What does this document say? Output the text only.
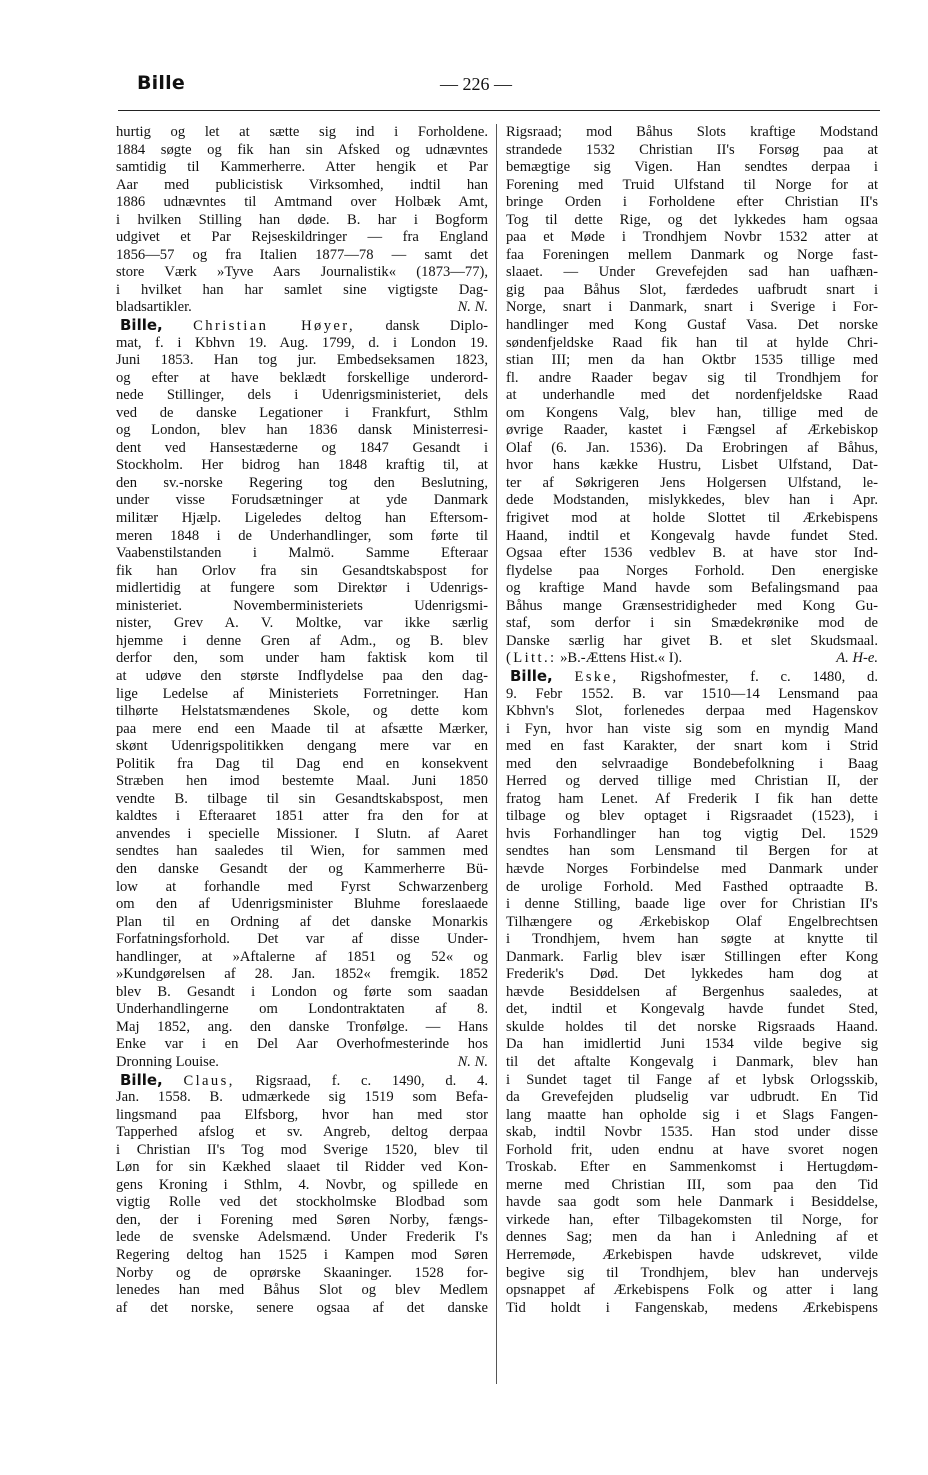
Bille	— 226 —
hurtig og let at sætte sig ind i Forholdene.
1884 søgte og fik han sin Afsked og udnævntes
samtidig til Kammerherre. Atter hengik et Par
Aar med publicistisk Virksomhed, indtil han
1886 udnævntes til Amtmand over Holbæk Amt,
i hvilken Stilling han døde. B. har i Bogform
udgivet et Par Rejseskildringer — fra England
1856—57 og fra Italien 1877—78 — samt det
store Værk »Tyve Aars Journalistik« (1873—77),
i hvilket han har samlet sine vigtigste Dag-
bladsartikler.	N. N.
Bille, Christian Høyer, dansk Diplo-
mat, f. i Kbhvn 19. Aug. 1799, d. i London 19.
Juni 1853. Han tog jur. Embedseksamen 1823,
og efter at have beklædt forskellige underord-
nede Stillinger, dels i Udenrigsministeriet, dels
ved de danske Legationer i Frankfurt, Sthlm
og London, blev han 1836 dansk Ministerresi-
dent ved Hansestæderne og 1847 Gesandt i
Stockholm. Her bidrog han 1848 kraftig til, at
den sv.-norske Regering tog den Beslutning,
under visse Forudsætninger at yde Danmark
militær Hjælp. Ligeledes deltog han Eftersom-
meren 1848 i de Underhandlinger, som førte til
Vaabenstilstanden i Malmö. Samme Efteraar
fik han Orlov fra sin Gesandtskabspost for
midlertidig at fungere som Direktør i Udenrigs-
ministeriet. Novemberministeriets Udenrigsmi-
nister, Grev A. V. Moltke, var ikke særlig
hjemme i denne Gren af Adm., og B. blev
derfor den, som under ham faktisk kom til
at udøve den største Indflydelse paa den dag-
lige Ledelse af Ministeriets Forretninger. Han
tilhørte Helstatsmændenes Skole, og dette kom
paa mere end een Maade til at afsætte Mærker,
skønt Udenrigspolitikken dengang mere var en
Politik fra Dag til Dag end en konsekvent
Stræben hen imod bestemte Maal. Juni 1850
vendte B. tilbage til sin Gesandtskabspost, men
kaldtes i Efteraaret 1851 atter fra den for at
anvendes i specielle Missioner. I Slutn. af Aaret
sendtes han saaledes til Wien, for sammen med
den danske Gesandt der og Kammerherre Bü-
low at forhandle med Fyrst Schwarzenberg
om den af Udenrigsminister Bluhme foreslaaede
Plan til en Ordning af det danske Monarkis
Forfatningsforhold. Det var af disse Under-
handlinger, at »Aftalerne af 1851 og 52« og
»Kundgørelsen af 28. Jan. 1852« fremgik. 1852
blev B. Gesandt i London og førte som saadan
Underhandlingerne om Londontraktaten af 8.
Maj 1852, ang. den danske Tronfølge. — Hans
Enke var i en Del Aar Overhofmesterinde hos
Dronning Louise.	N. N.
Bille, Claus, Rigsraad, f. c. 1490, d. 4.
Jan. 1558. B. udmærkede sig 1519 som Befa-
lingsmand paa Elfsborg, hvor han med stor
Tapperhed afslog et sv. Angreb, deltog derpaa
i Christian II's Tog mod Sverige 1520, blev til
Løn for sin Kækhed slaaet til Ridder ved Kon-
gens Kroning i Sthlm, 4. Novbr, og spillede en
vigtig Rolle ved det stockholmske Blodbad som
den, der i Forening med Søren Norby, fængs-
lede de svenske Adelsmænd. Under Frederik I's
Regering deltog han 1525 i Kampen mod Søren
Norby og de oprørske Skaaninger. 1528 for-
lenedes han med Båhus Slot og blev Medlem
af det norske, senere ogsaa af det danske
Rigsraad; mod Båhus Slots kraftige Modstand
strandede 1532 Christian II's Forsøg paa at
bemægtige sig Vigen. Han sendtes derpaa i
Forening med Truid Ulfstand til Norge for at
bringe Orden i Forholdene efter Christian II's
Tog til dette Rige, og det lykkedes ham ogsaa
paa et Møde i Trondhjem Novbr 1532 atter at
faa Foreningen mellem Danmark og Norge fast-
slaaet. — Under Grevefejden sad han uafhæn-
gig paa Båhus Slot, færdedes uafbrudt snart i
Norge, snart i Danmark, snart i Sverige i For-
handlinger med Kong Gustaf Vasa. Det norske
søndenfjeldske Raad fik han til at hylde Chri-
stian III; men da han Oktbr 1535 tillige med
fl. andre Raader begav sig til Trondhjem for
at underhandle med det nordenfjeldske Raad
om Kongens Valg, blev han, tillige med de
øvrige Raader, kastet i Fængsel af Ærkebiskop
Olaf (6. Jan. 1536). Da Erobringen af Båhus,
hvor hans kække Hustru, Lisbet Ulfstand, Dat-
ter af Søkrigeren Jens Holgersen Ulfstand, le-
dede Modstanden, mislykkedes, blev han i Apr.
frigivet mod at holde Slottet til Ærkebispens
Haand, indtil et Kongevalg havde fundet Sted.
Ogsaa efter 1536 vedblev B. at have stor Ind-
flydelse paa Norges Forhold. Den energiske
og kraftige Mand havde som Befalingsmand paa
Båhus mange Grænsestridigheder med Kong Gu-
staf, som derfor i sin Smædekrønike mod de
Danske særlig har givet B. et slet Skudsmaal.
(Litt.: »B.-Ættens Hist.« I).	A. H-e.
Bille, Eske, Rigshofmester, f. c. 1480, d.
9. Febr 1552. B. var 1510—14 Lensmand paa
Kbhvn's Slot, forlenedes derpaa med Hagenskov
i Fyn, hvor han viste sig som en myndig Mand
med en fast Karakter, der snart kom i Strid
med den selvraadige Bondebefolkning i Baag
Herred og derved tillige med Christian II, der
fratog ham Lenet. Af Frederik I fik han dette
tilbage og blev optaget i Rigsraadet (1523), i
hvis Forhandlinger han tog vigtig Del. 1529
sendtes han som Lensmand til Bergen for at
hævde Norges Forbindelse med Danmark under
de urolige Forhold. Med Fasthed optraadte B.
i denne Stilling, baade lige over for Christian II's
Tilhængere og Ærkebiskop Olaf Engelbrechtsen
i Trondhjem, hvem han søgte at knytte til
Danmark. Farlig blev især Stillingen efter Kong
Frederik's Død. Det lykkedes ham dog at
hævde Besiddelsen af Bergenhus saaledes, at
det, indtil et Kongevalg havde fundet Sted,
skulde holdes til det norske Rigsraads Haand.
Da han imidlertid Juni 1534 vilde begive sig
til det aftalte Kongevalg i Danmark, blev han
i Sundet taget til Fange af et lybsk Orlogsskib,
da Grevefejden pludselig var udbrudt. En Tid
lang maatte han opholde sig i et Slags Fangen-
skab, indtil Novbr 1535. Han stod under disse
Forhold frit, uden endnu at have svoret nogen
Troskab. Efter en Sammenkomst i Hertugdøm-
merne med Christian III, som paa den Tid
havde saa godt som hele Danmark i Besiddelse,
virkede han, efter Tilbagekomsten til Norge, for
dennes Sag; men da han i Anledning af et
Herremøde, Ærkebispen havde udskrevet, vilde
begive sig til Trondhjem, blev han undervejs
opsnappet af Ærkebispens Folk og atter i lang
Tid holdt i Fangenskab, medens Ærkebispens
